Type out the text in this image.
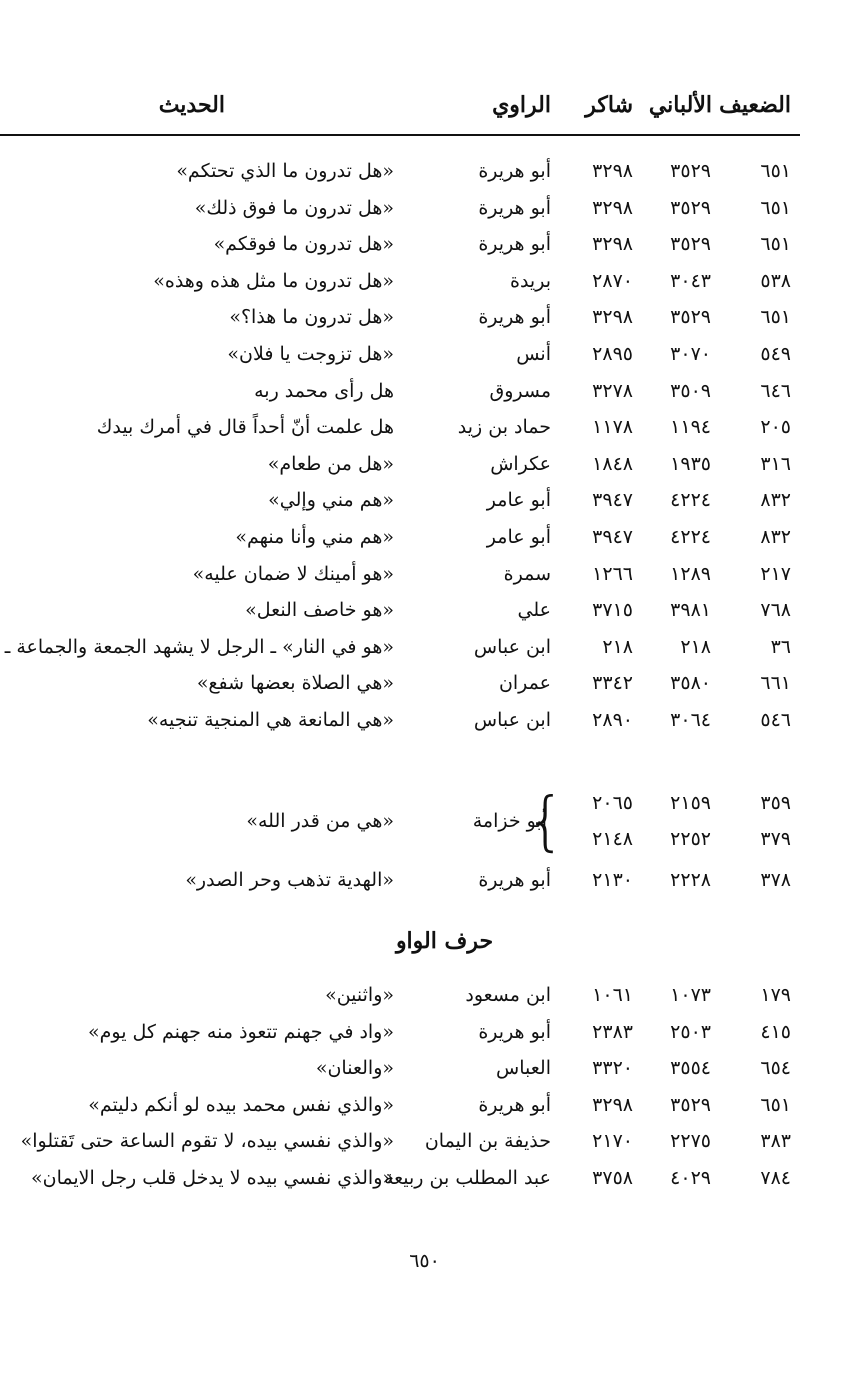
الضعيف
الألباني
شاكر
الراوي
الحديث
٦٥١
٣٥٢٩
٣٢٩٨
أبو هريرة
«هل تدرون ما الذي تحتكم»
٦٥١
٣٥٢٩
٣٢٩٨
أبو هريرة
«هل تدرون ما فوق ذلك»
٦٥١
٣٥٢٩
٣٢٩٨
أبو هريرة
«هل تدرون ما فوقكم»
٥٣٨
٣٠٤٣
٢٨٧٠
بريدة
«هل تدرون ما مثل هذه وهذه»
٦٥١
٣٥٢٩
٣٢٩٨
أبو هريرة
«هل تدرون ما هذا؟»
٥٤٩
٣٠٧٠
٢٨٩٥
أنس
«هل تزوجت يا فلان»
٦٤٦
٣٥٠٩
٣٢٧٨
مسروق
هل رأى محمد ربه
٢٠٥
١١٩٤
١١٧٨
حماد بن زيد
هل علمت أنّ أحداً قال في أمرك بيدك
٣١٦
١٩٣٥
١٨٤٨
عكراش
«هل من طعام»
٨٣٢
٤٢٢٤
٣٩٤٧
أبو عامر
«هم مني وإلي»
٨٣٢
٤٢٢٤
٣٩٤٧
أبو عامر
«هم مني وأنا منهم»
٢١٧
١٢٨٩
١٢٦٦
سمرة
«هو أمينك لا ضمان عليه»
٧٦٨
٣٩٨١
٣٧١٥
علي
«هو خاصف النعل»
٣٦
٢١٨
٢١٨
ابن عباس
«هو في النار» ـ الرجل لا يشهد الجمعة والجماعة ـ
٦٦١
٣٥٨٠
٣٣٤٢
عمران
«هي الصلاة بعضها شفع»
٥٤٦
٣٠٦٤
٢٨٩٠
ابن عباس
«هي المانعة هي المنجية تنجيه»
٣٥٩
٢١٥٩
٢٠٦٥
٣٧٩
٢٢٥٢
٢١٤٨
{
أبو خزامة
«هي من قدر الله»
٣٧٨
٢٢٢٨
٢١٣٠
أبو هريرة
«الهدية تذهب وحر الصدر»
حرف الواو
١٧٩
١٠٧٣
١٠٦١
ابن مسعود
«واثنين»
٤١٥
٢٥٠٣
٢٣٨٣
أبو هريرة
«واد في جهنم تتعوذ منه جهنم كل يوم»
٦٥٤
٣٥٥٤
٣٣٢٠
العباس
«والعنان»
٦٥١
٣٥٢٩
٣٢٩٨
أبو هريرة
«والذي نفس محمد بيده لو أنكم دليتم»
٣٨٣
٢٢٧٥
٢١٧٠
حذيفة بن اليمان
«والذي نفسي بيده، لا تقوم الساعة حتى تَقتلوا»
٧٨٤
٤٠٢٩
٣٧٥٨
عبد المطلب بن ربيعة
«والذي نفسي بيده لا يدخل قلب رجل الايمان»
٦٥٠
